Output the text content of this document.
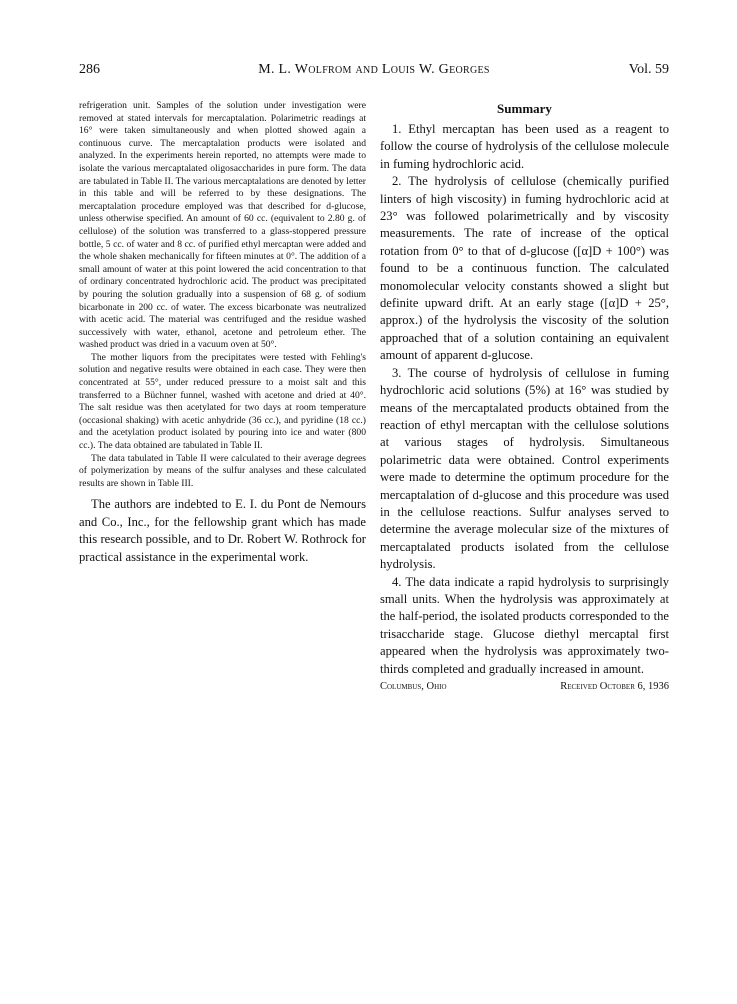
286	M. L. Wolfrom and Louis W. Georges	Vol. 59

refrigeration unit. Samples of the solution under investigation were removed at stated intervals for mercaptalation. Polarimetric readings at 16° were taken simultaneously and when plotted showed again a continuous curve. The mercaptalation products were isolated and analyzed. In the experiments herein reported, no attempts were made to isolate the various mercaptalated oligosaccharides in pure form. The data are tabulated in Table II. The various mercaptalations are denoted by letter in this table and will be referred to by these designations. The mercaptalation procedure employed was that described for d-glucose, unless otherwise specified. An amount of 60 cc. (equivalent to 2.80 g. of cellulose) of the solution was transferred to a glass-stoppered pressure bottle, 5 cc. of water and 8 cc. of purified ethyl mercaptan were added and the whole shaken mechanically for fifteen minutes at 0°. The addition of a small amount of water at this point lowered the acid concentration to that of ordinary concentrated hydrochloric acid. The product was precipitated by pouring the solution gradually into a suspension of 68 g. of sodium bicarbonate in 200 cc. of water. The excess bicarbonate was neutralized with acetic acid. The material was centrifuged and the residue washed successively with water, ethanol, acetone and petroleum ether. The washed product was dried in a vacuum oven at 50°.

The mother liquors from the precipitates were tested with Fehling's solution and negative results were obtained in each case. They were then concentrated at 55°, under reduced pressure to a moist salt and this transferred to a Büchner funnel, washed with acetone and dried at 40°. The salt residue was then acetylated for two days at room temperature (occasional shaking) with acetic anhydride (36 cc.), and pyridine (18 cc.) and the acetylation product isolated by pouring into ice and water (800 cc.). The data obtained are tabulated in Table II.

The data tabulated in Table II were calculated to their average degrees of polymerization by means of the sulfur analyses and these calculated results are shown in Table III.

The authors are indebted to E. I. du Pont de Nemours and Co., Inc., for the fellowship grant which has made this research possible, and to Dr. Robert W. Rothrock for practical assistance in the experimental work.

Summary

1. Ethyl mercaptan has been used as a reagent to follow the course of hydrolysis of the cellulose molecule in fuming hydrochloric acid.

2. The hydrolysis of cellulose (chemically purified linters of high viscosity) in fuming hydrochloric acid at 23° was followed polarimetrically and by viscosity measurements. The rate of increase of the optical rotation from 0° to that of d-glucose ([α]D + 100°) was found to be a continuous function. The calculated monomolecular velocity constants showed a slight but definite upward drift. At an early stage ([α]D + 25°, approx.) of the hydrolysis the viscosity of the solution approached that of a solution containing an equivalent amount of apparent d-glucose.

3. The course of hydrolysis of cellulose in fuming hydrochloric acid solutions (5%) at 16° was studied by means of the mercaptalated products obtained from the reaction of ethyl mercaptan with the cellulose solutions at various stages of hydrolysis. Simultaneous polarimetric data were obtained. Control experiments were made to determine the optimum procedure for the mercaptalation of d-glucose and this procedure was used in the cellulose reactions. Sulfur analyses served to determine the average molecular size of the mixtures of mercaptalated products isolated from the cellulose hydrolysis.

4. The data indicate a rapid hydrolysis to surprisingly small units. When the hydrolysis was approximately at the half-period, the isolated products corresponded to the trisaccharide stage. Glucose diethyl mercaptal first appeared when the hydrolysis was approximately two-thirds completed and gradually increased in amount.

Columbus, Ohio	Received October 6, 1936
